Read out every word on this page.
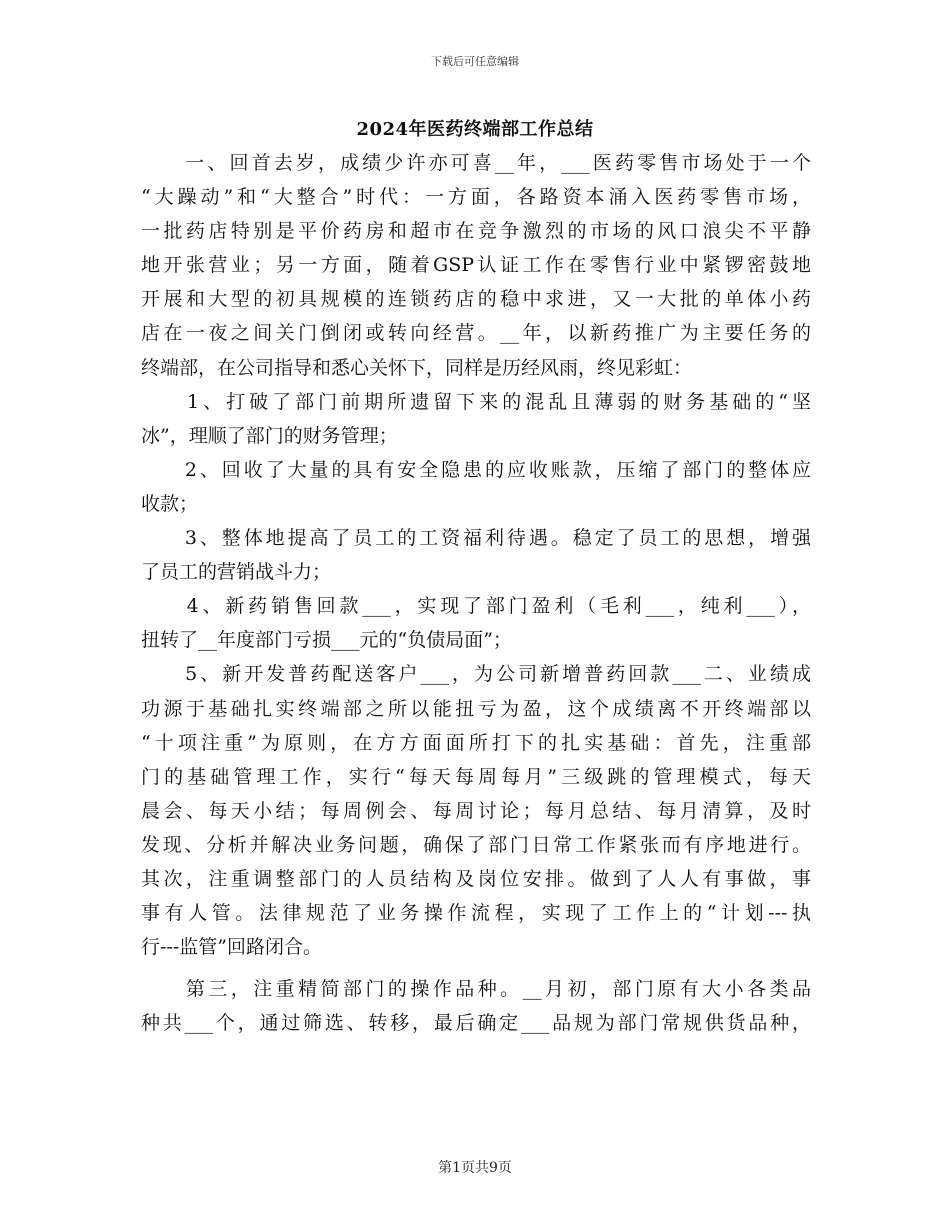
下载后可任意编辑
2024年医药终端部工作总结
　　一、回首去岁，成绩少许亦可喜__年，___医药零售市场处于一个
“大躁动”和“大整合”时代：一方面，各路资本涌入医药零售市场，
一批药店特别是平价药房和超市在竞争激烈的市场的风口浪尖不平静
地开张营业；另一方面，随着GSP认证工作在零售行业中紧锣密鼓地
开展和大型的初具规模的连锁药店的稳中求进，又一大批的单体小药
店在一夜之间关门倒闭或转向经营。__年，以新药推广为主要任务的
终端部，在公司指导和悉心关怀下，同样是历经风雨，终见彩虹：
　　1、打破了部门前期所遗留下来的混乱且薄弱的财务基础的“坚
冰”，理顺了部门的财务管理；
　　2、回收了大量的具有安全隐患的应收账款，压缩了部门的整体应
收款；
　　3、整体地提高了员工的工资福利待遇。稳定了员工的思想，增强
了员工的营销战斗力；
　　4、新药销售回款___，实现了部门盈利（毛利___，纯利___），
扭转了__年度部门亏损___元的“负债局面”；
　　5、新开发普药配送客户___，为公司新增普药回款___二、业绩成
功源于基础扎实终端部之所以能扭亏为盈，这个成绩离不开终端部以
“十项注重”为原则，在方方面面所打下的扎实基础：首先，注重部
门的基础管理工作，实行“每天每周每月”三级跳的管理模式，每天
晨会、每天小结；每周例会、每周讨论；每月总结、每月清算，及时
发现、分析并解决业务问题，确保了部门日常工作紧张而有序地进行。
其次，注重调整部门的人员结构及岗位安排。做到了人人有事做，事
事有人管。法律规范了业务操作流程，实现了工作上的“计划---执
行---监管”回路闭合。
　　第三，注重精简部门的操作品种。__月初，部门原有大小各类品
种共___个，通过筛选、转移，最后确定___品规为部门常规供货品种，
第1页共9页
